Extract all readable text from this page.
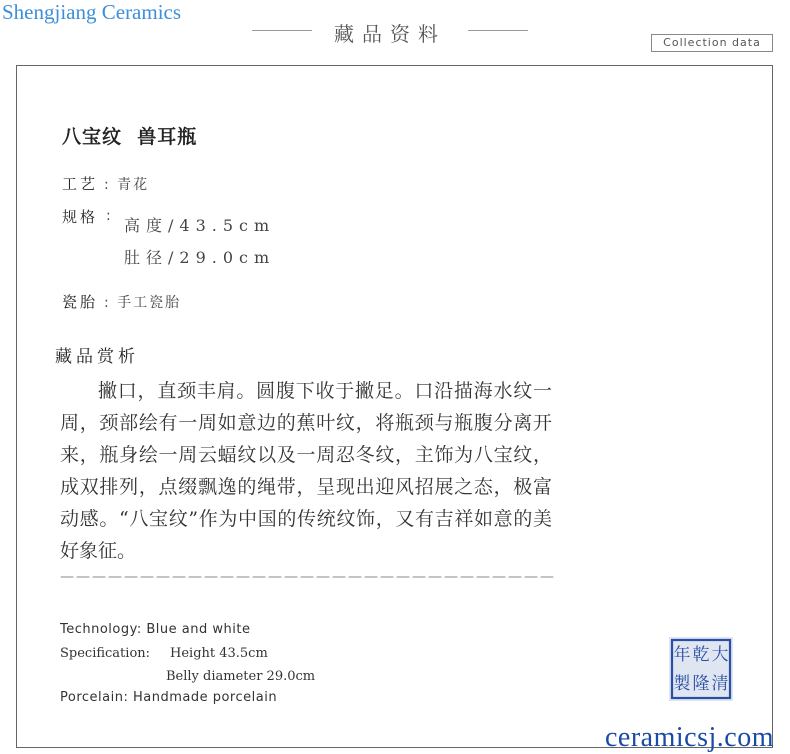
Shengjiang Ceramics
藏品资料	Collection data
八宝纹  兽耳瓶
工艺 : 青花
规格 : 高度/43.5cm
肚径/29.0cm
瓷胎 : 手工瓷胎
藏品赏析
撇口，直颈丰肩。圆腹下收于撇足。口沿描海水纹一周，颈部绘有一周如意边的蕉叶纹，将瓶颈与瓶腹分离开来，瓶身绘一周云蝠纹以及一周忍冬纹，主饰为八宝纹，成双排列，点缀飘逸的绳带，呈现出迎风招展之态，极富动感。“八宝纹”作为中国的传统纹饰，又有吉祥如意的美好象征。
———————————————————————————————
Technology: Blue and white
Specification: Height 43.5cm
Belly diameter 29.0cm
Porcelain: Handmade porcelain
大
清
乾
隆
年
製
ceramicsj.com
